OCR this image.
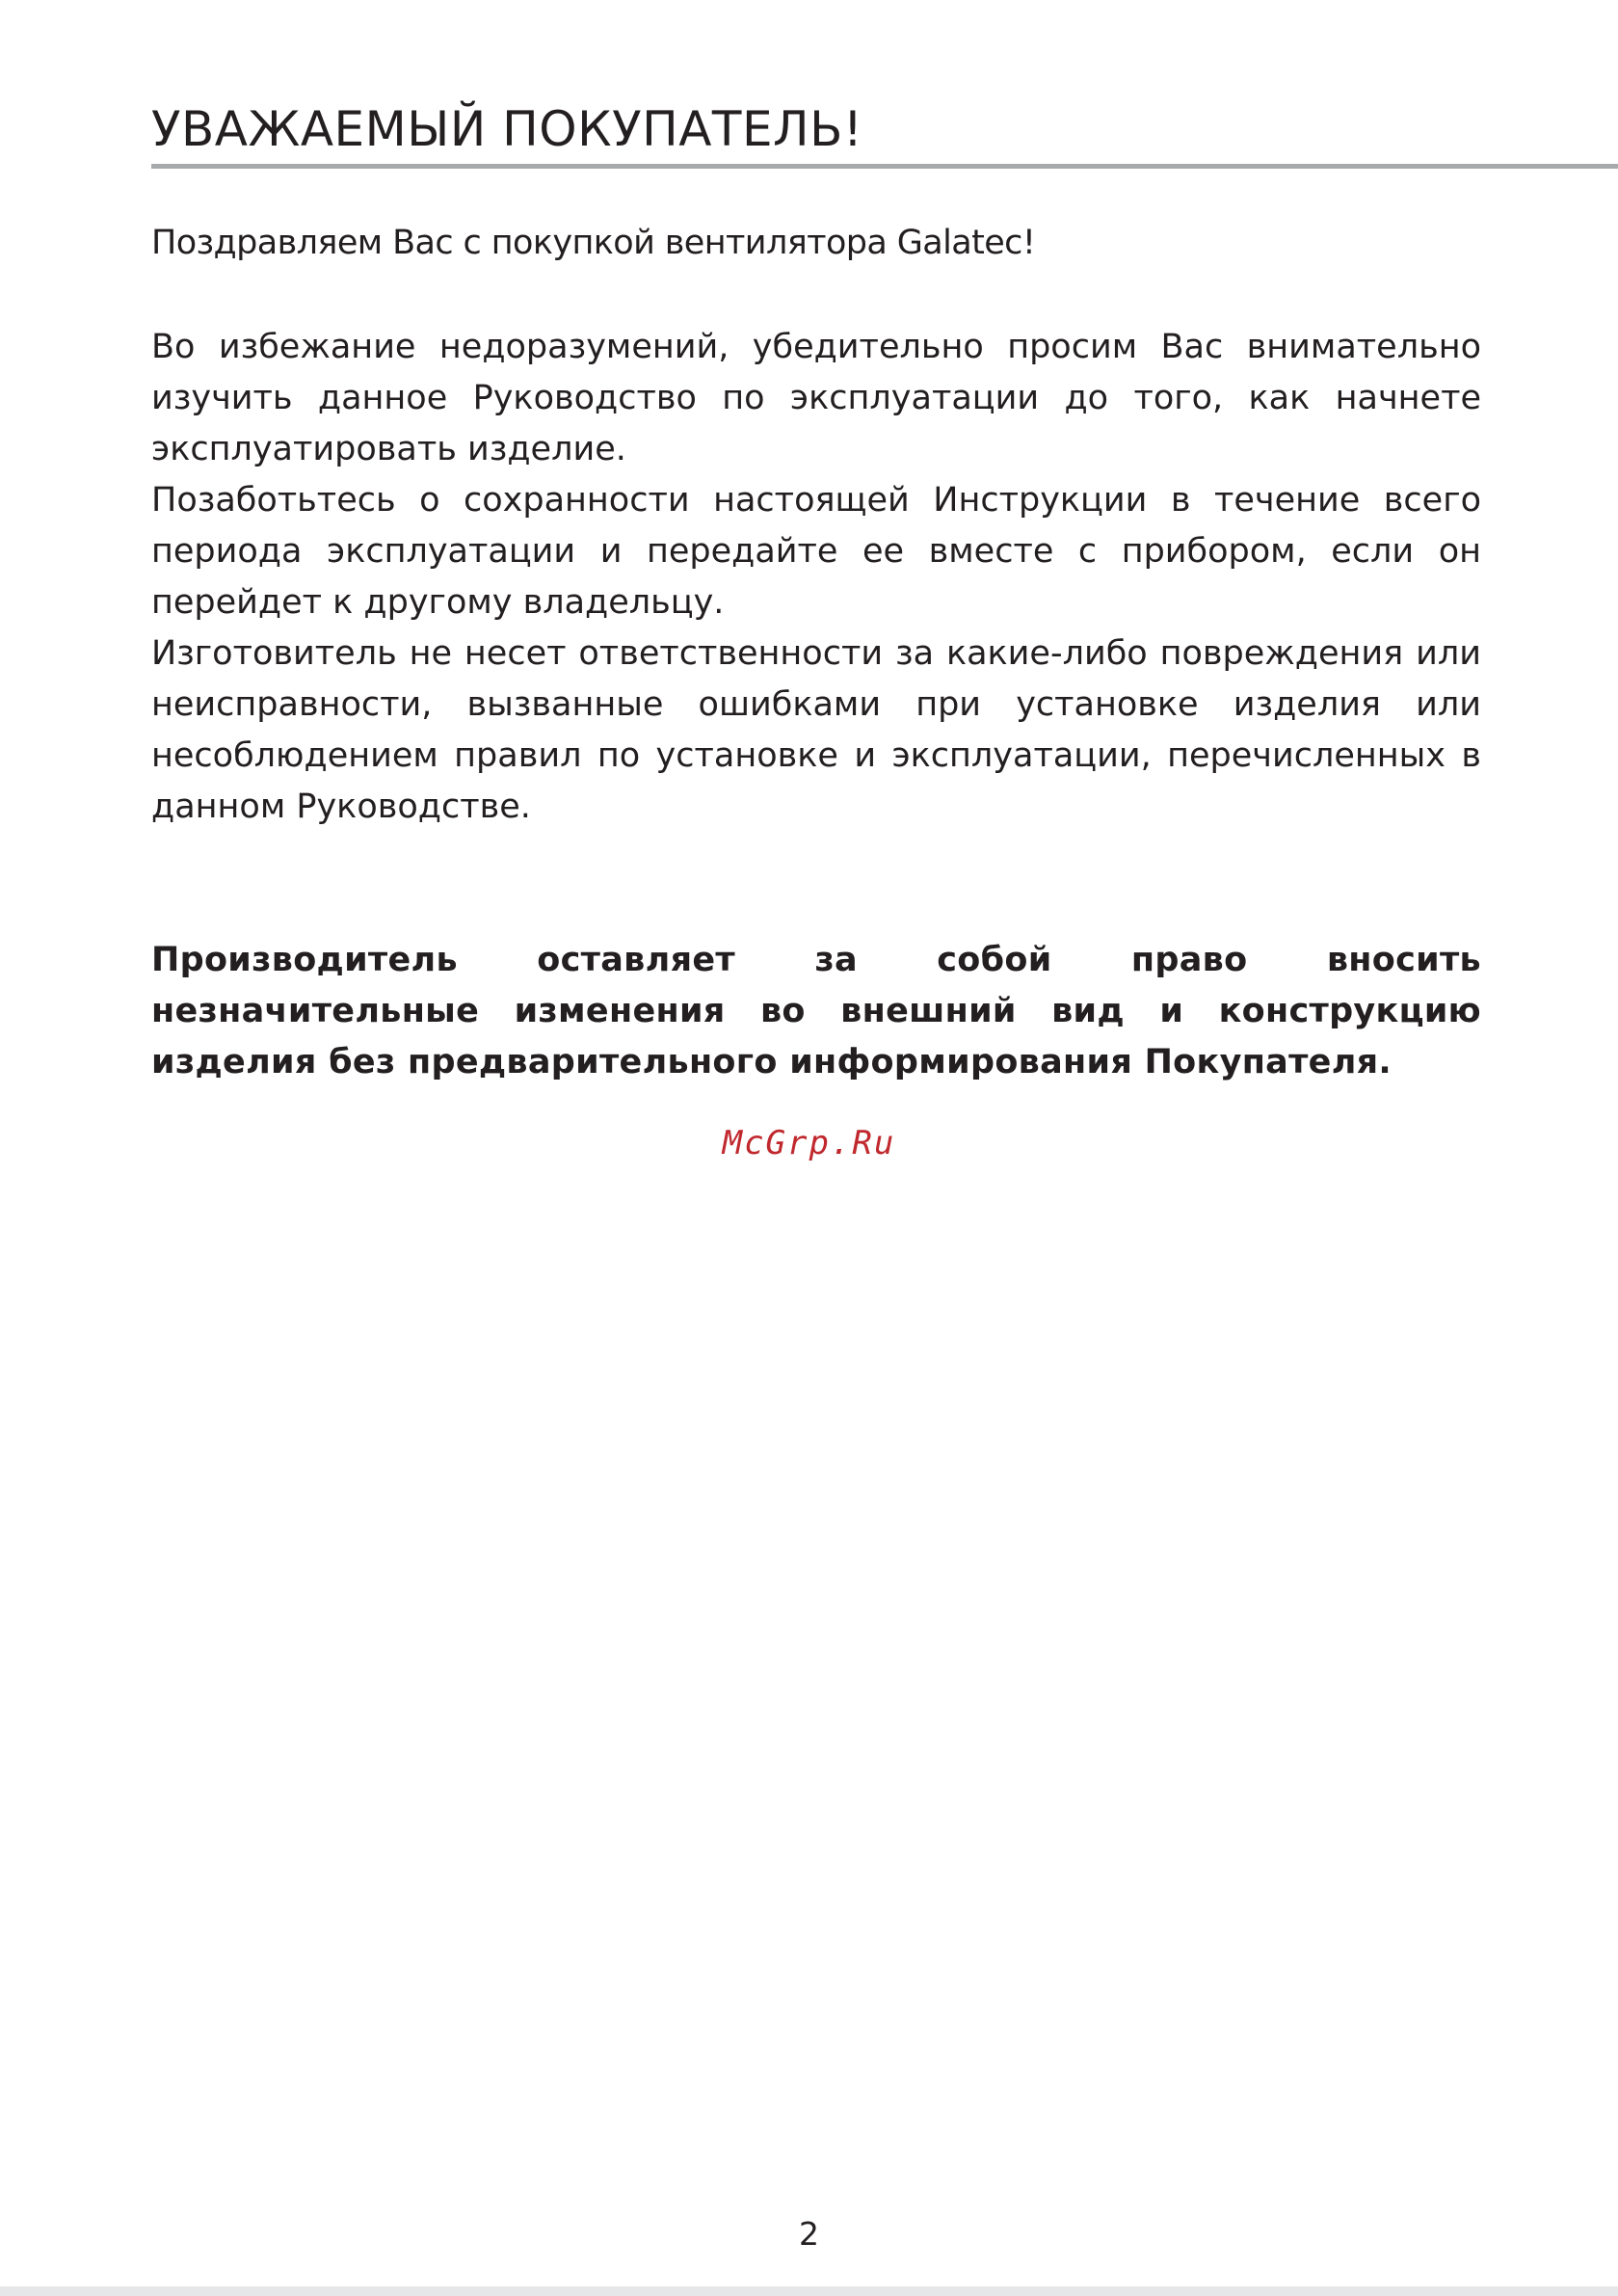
УВАЖАЕМЫЙ ПОКУПАТЕЛЬ!

Поздравляем Вас с покупкой вентилятора Galatec!

Во избежание недоразумений, убедительно просим Вас внимательно изучить данное Руководство по эксплуатации до того, как начнете эксплуатировать изделие.

Позаботьтесь о сохранности настоящей Инструкции в течение всего периода эксплуатации и передайте ее вместе с прибором, если он перейдет к другому владельцу.

Изготовитель не несет ответственности за какие-либо повреждения или неисправности, вызванные ошибками при установке изделия или несоблюдением правил по установке и эксплуатации, перечисленных в данном Руководстве.

Производитель оставляет за собой право вносить незначительные изменения во внешний вид и конструкцию изделия без предварительного информирования Покупателя.

McGrp.Ru
2
